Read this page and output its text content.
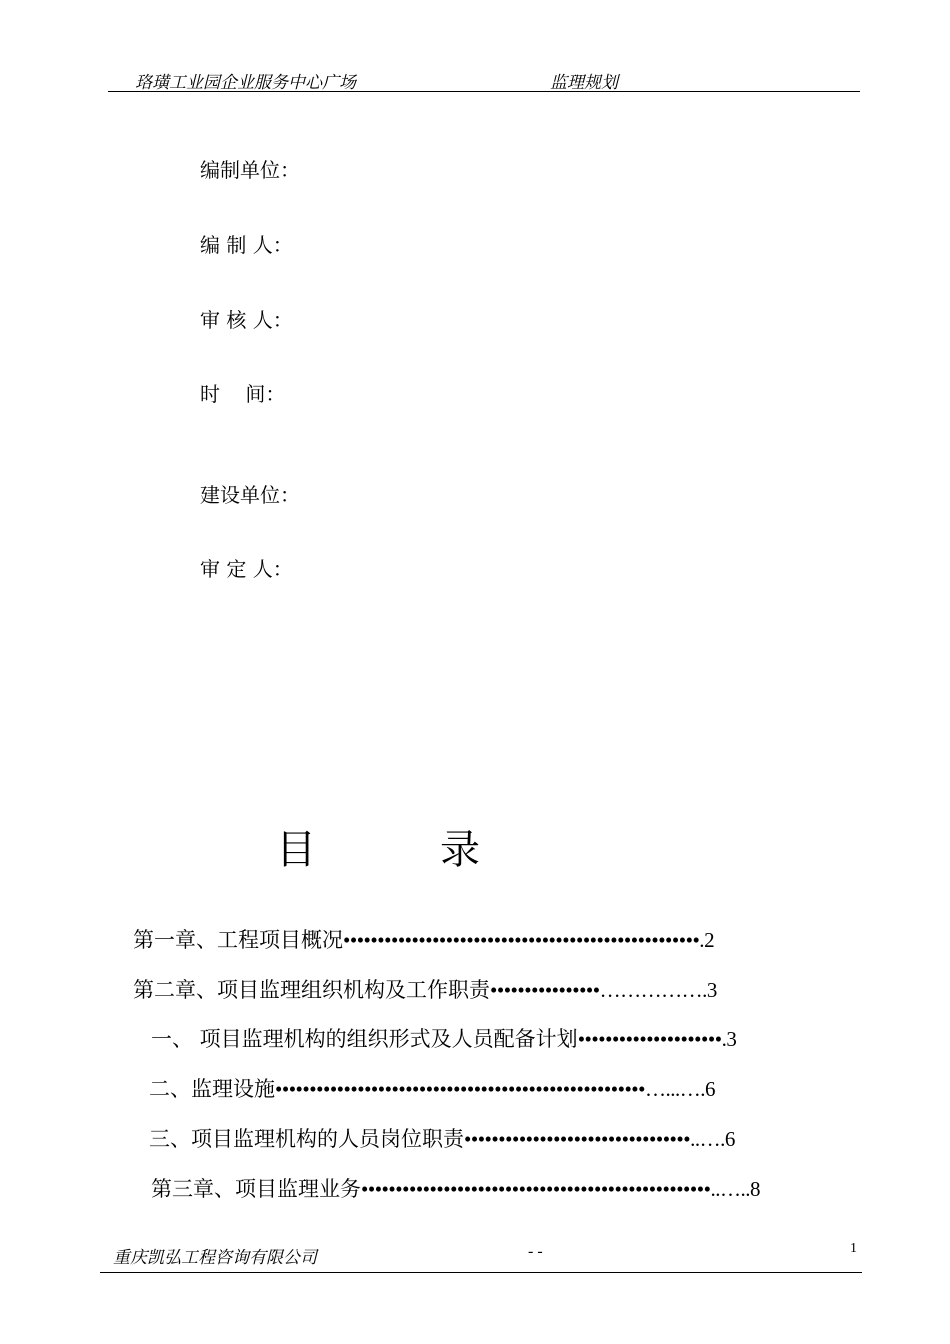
珞璜工业园企业服务中心广场	监理规划
编制单位：
编 制 人：
审 核 人：
时    间：
建设单位：
审 定 人：
目	录
第一章、工程项目概况••••••••••••••••••••••••••••••••••••••••••••••••••••.2
第二章、项目监理组织机构及工作职责••••••••••••••••…………….3
一、 项目监理机构的组织形式及人员配备计划•••••••••••••••••••••.3
二、监理设施••••••••••••••••••••••••••••••••••••••••••••••••••••••…...….6
三、项目监理机构的人员岗位职责•••••••••••••••••••••••••••••••••..….6
第三章、项目监理业务•••••••••••••••••••••••••••••••••••••••••••••••••••..…..8
重庆凯弘工程咨询有限公司	- -	1
